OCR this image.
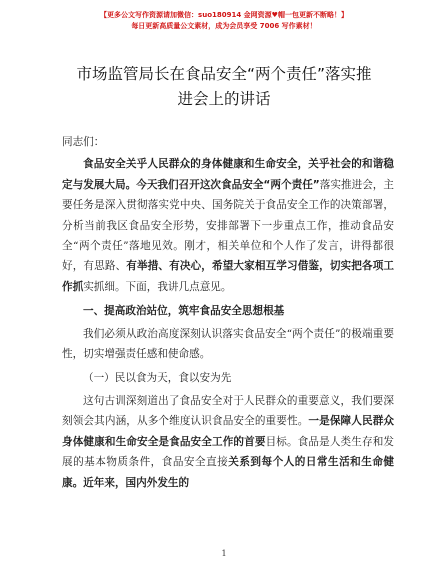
【更多公文写作资源请加微信：suo180914 金网资源♥帽一包更新不断略！】
每日更新高质量公文素材，成为会员享受 7006 写作素材！
市场监管局长在食品安全“两个责任”落实推
进会上的讲话

同志们：

食品安全关乎人民群众的身体健康和生命安全，关乎社会的和谐稳定与发展大局。今天我们召开这次食品安全“两个责任”落实推进会，主要任务是深入贯彻落实党中央、国务院关于食品安全工作的决策部署，分析当前我区食品安全形势，安排部署下一步重点工作，推动食品安全“两个责任”落地见效。刚才，相关单位和个人作了发言，讲得都很好，有思路、有举措、有决心，希望大家相互学习借鉴，切实把各项工作抓实抓细。下面，我讲几点意见。

一、提高政治站位，筑牢食品安全思想根基

我们必须从政治高度深刻认识落实食品安全“两个责任”的极端重要性，切实增强责任感和使命感。

（一）民以食为天，食以安为先

这句古训深刻道出了食品安全对于人民群众的重要意义，我们要深刻领会其内涵，从多个维度认识食品安全的重要性。一是保障人民群众身体健康和生命安全是食品安全工作的首要目标。食品是人类生存和发展的基本物质条件，食品安全直接关系到每个人的日常生活和生命健康。近年来，国内外发生的

1
